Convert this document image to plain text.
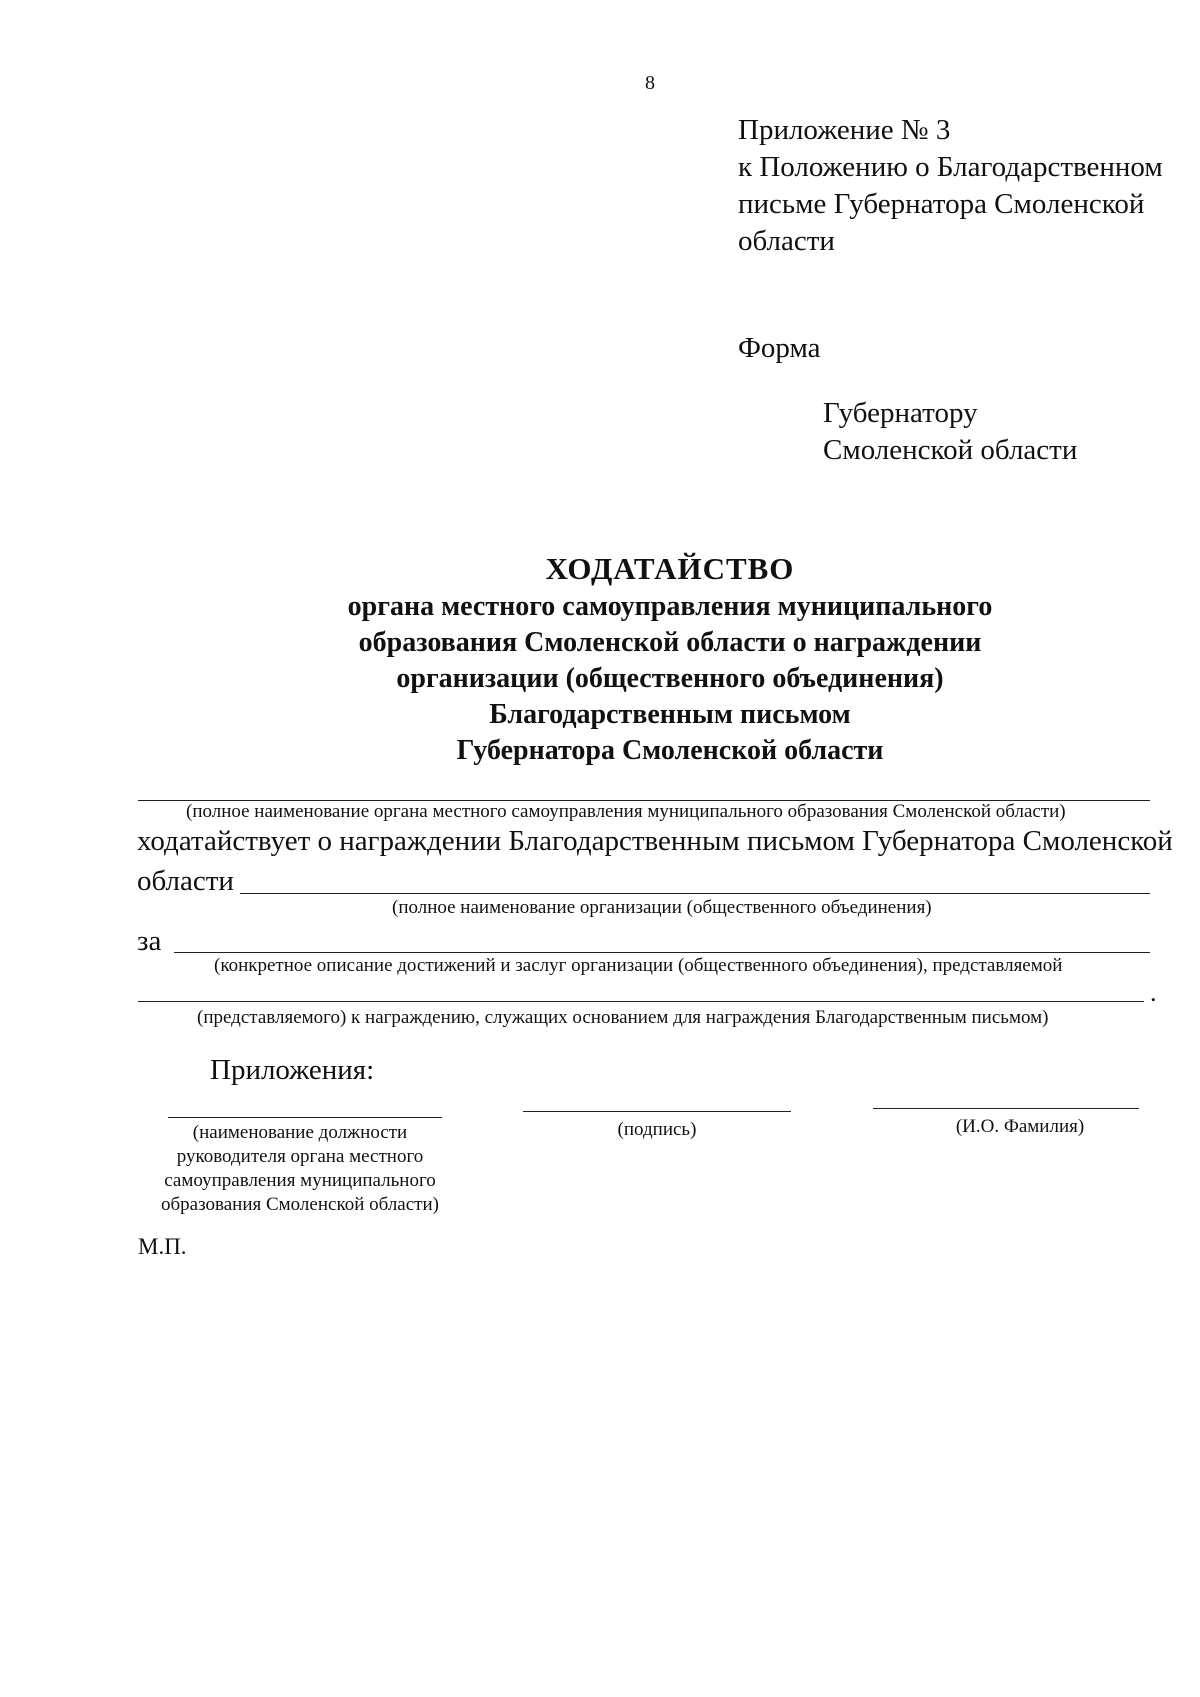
8
Приложение № 3
к Положению о Благодарственном
письме Губернатора Смоленской
области
Форма
Губернатору
Смоленской области
ХОДАТАЙСТВО
органа местного самоуправления муниципального
образования Смоленской области о награждении
организации (общественного объединения)
Благодарственным письмом
Губернатора Смоленской области
(полное наименование органа местного самоуправления муниципального образования Смоленской области)
ходатайствует о награждении Благодарственным письмом Губернатора Смоленской
области
(полное наименование организации (общественного объединения)
за
(конкретное описание достижений и заслуг организации (общественного объединения), представляемой
.
(представляемого) к награждению, служащих основанием для награждения Благодарственным письмом)
Приложения:
(наименование должности
руководителя органа местного
самоуправления муниципального
образования Смоленской области)
(подпись)	(И.О. Фамилия)
М.П.
